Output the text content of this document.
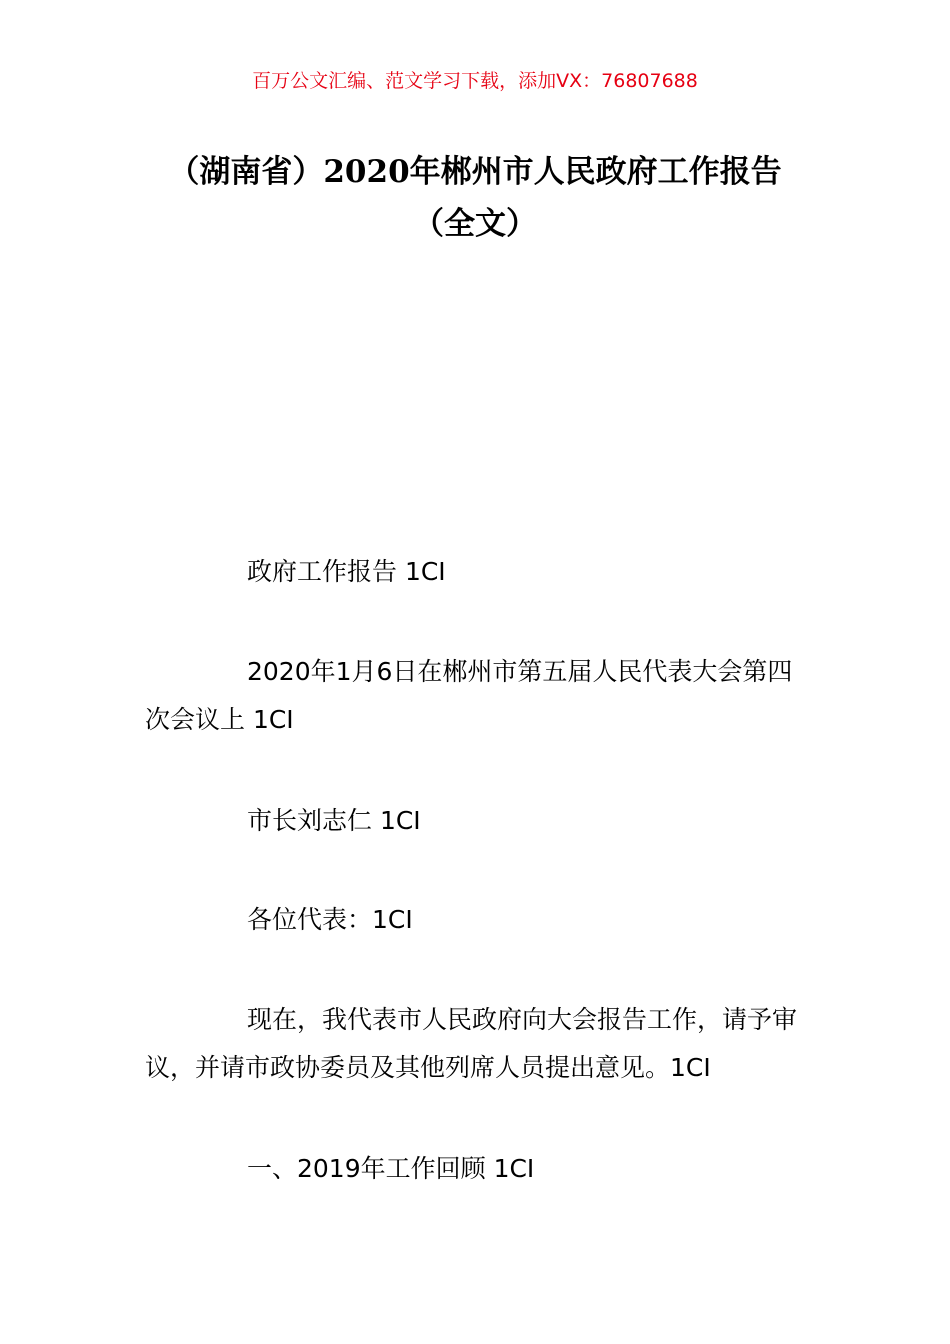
百万公文汇编、范文学习下载，添加VX：76807688
（湖南省）2020年郴州市人民政府工作报告（全文）

政府工作报告 1CI

2020年1月6日在郴州市第五届人民代表大会第四次会议上 1CI

市长刘志仁 1CI

各位代表：1CI

现在，我代表市人民政府向大会报告工作，请予审议，并请市政协委员及其他列席人员提出意见。1CI

一、2019年工作回顾 1CI
